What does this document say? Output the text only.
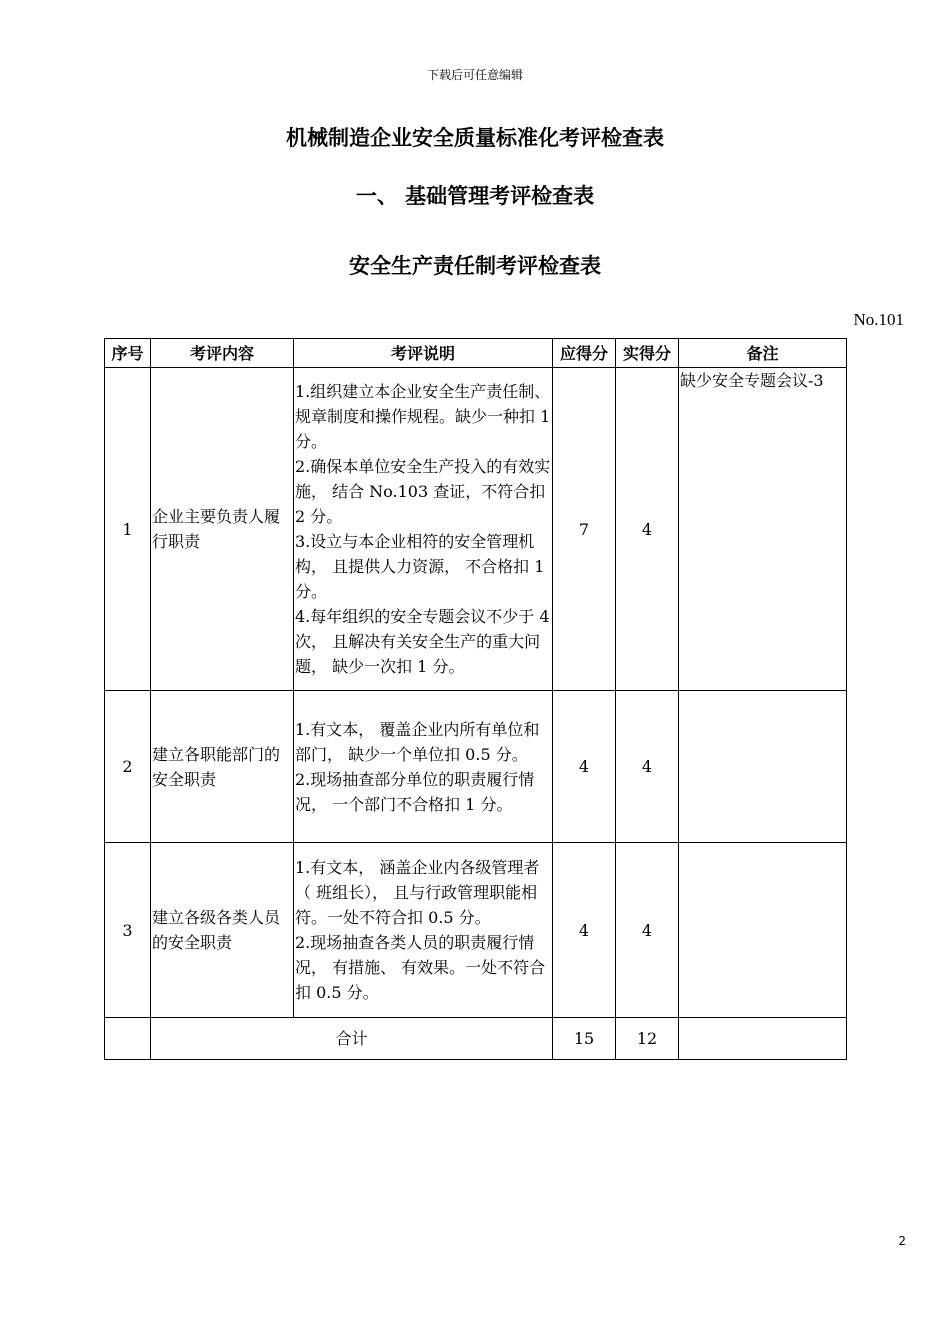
下载后可任意编辑
机械制造企业安全质量标准化考评检查表
一、 基础管理考评检查表
安全生产责任制考评检查表
No.101
序号	考评内容	考评说明	应得分	实得分	备注
1	企业主要负责人履行职责	1.组织建立本企业安全生产责任制、 规章制度和操作规程。缺少一种扣 1 分。
2.确保本单位安全生产投入的有效实施， 结合 No.103 查证，不符合扣 2 分。
3.设立与本企业相符的安全管理机构， 且提供人力资源， 不合格扣 1 分。
4.每年组织的安全专题会议不少于 4 次， 且解决有关安全生产的重大问题， 缺少一次扣 1 分。	7	4	缺少安全专题会议-3
2	建立各职能部门的安全职责	1.有文本， 覆盖企业内所有单位和部门， 缺少一个单位扣 0.5 分。
2.现场抽查部分单位的职责履行情况， 一个部门不合格扣 1 分。	4	4	
3	建立各级各类人员的安全职责	1.有文本， 涵盖企业内各级管理者（ 班组长）， 且与行政管理职能相符。一处不符合扣 0.5 分。
2.现场抽查各类人员的职责履行情况， 有措施、 有效果。一处不符合扣 0.5 分。	4	4	
	合计		15	12	
2
